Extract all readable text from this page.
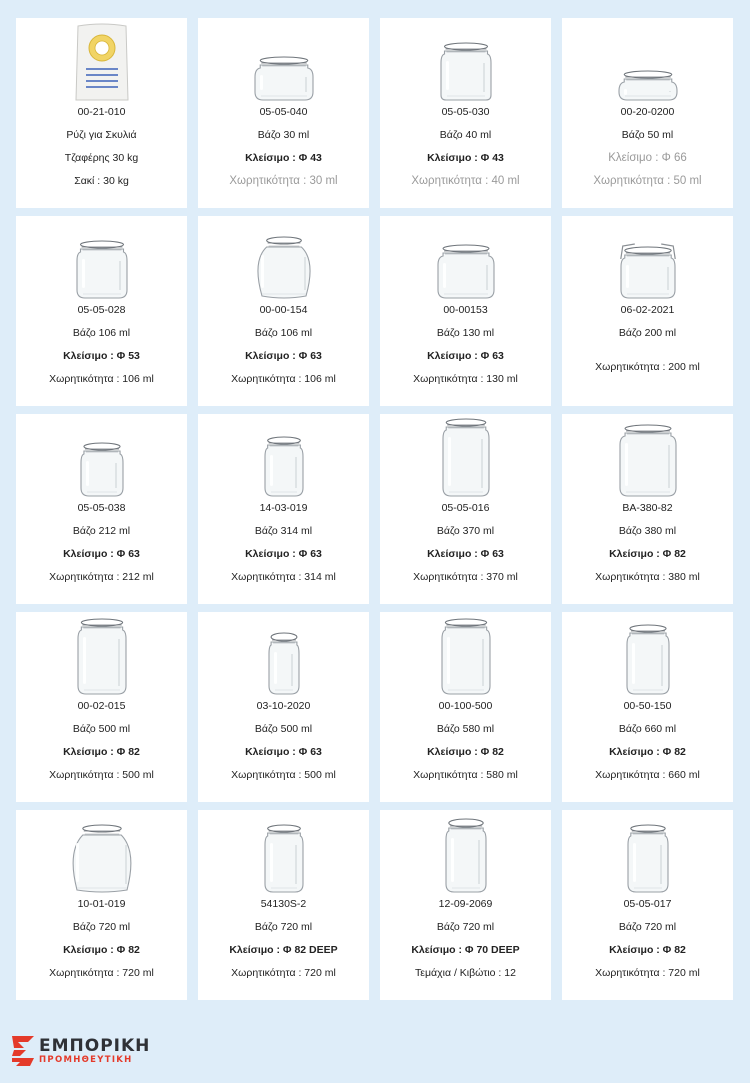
00-21-010
Ρύζι για Σκυλιά
Τζαφέρης 30 kg
Σακί : 30 kg
05-05-040
Βάζο 30 ml
Κλείσιμο : Φ 43
Χωρητικότητα : 30 ml
05-05-030
Βάζο 40 ml
Κλείσιμο : Φ 43
Χωρητικότητα : 40 ml
00-20-0200
Βάζο 50 ml
Κλείσιμο : Φ 66
Χωρητικότητα : 50 ml
05-05-028
Βάζο 106 ml
Κλείσιμο : Φ 53
Χωρητικότητα : 106 ml
00-00-154
Βάζο 106 ml
Κλείσιμο : Φ 63
Χωρητικότητα : 106 ml
00-00153
Βάζο 130 ml
Κλείσιμο : Φ 63
Χωρητικότητα : 130 ml
06-02-2021
Βάζο 200 ml
Χωρητικότητα : 200 ml
05-05-038
Βάζο 212 ml
Κλείσιμο : Φ 63
Χωρητικότητα : 212 ml
14-03-019
Βάζο 314 ml
Κλείσιμο : Φ 63
Χωρητικότητα : 314 ml
05-05-016
Βάζο 370 ml
Κλείσιμο : Φ 63
Χωρητικότητα : 370 ml
BA-380-82
Βάζο 380 ml
Κλείσιμο : Φ 82
Χωρητικότητα : 380 ml
00-02-015
Βάζο 500 ml
Κλείσιμο : Φ 82
Χωρητικότητα : 500 ml
03-10-2020
Βάζο 500 ml
Κλείσιμο : Φ 63
Χωρητικότητα : 500 ml
00-100-500
Βάζο 580 ml
Κλείσιμο : Φ 82
Χωρητικότητα : 580 ml
00-50-150
Βάζο 660 ml
Κλείσιμο : Φ 82
Χωρητικότητα : 660 ml
10-01-019
Βάζο 720 ml
Κλείσιμο : Φ 82
Χωρητικότητα : 720 ml
54130S-2
Βάζο 720 ml
Κλείσιμο : Φ 82 DEEP
Χωρητικότητα : 720 ml
12-09-2069
Βάζο 720 ml
Κλείσιμο : Φ 70 DEEP
Τεμάχια / Κιβώτιο : 12
05-05-017
Βάζο 720 ml
Κλείσιμο : Φ 82
Χωρητικότητα : 720 ml
ΕΜΠΟΡΙΚΗ
ΠΡΟΜΗΘΕΥΤΙΚΗ
